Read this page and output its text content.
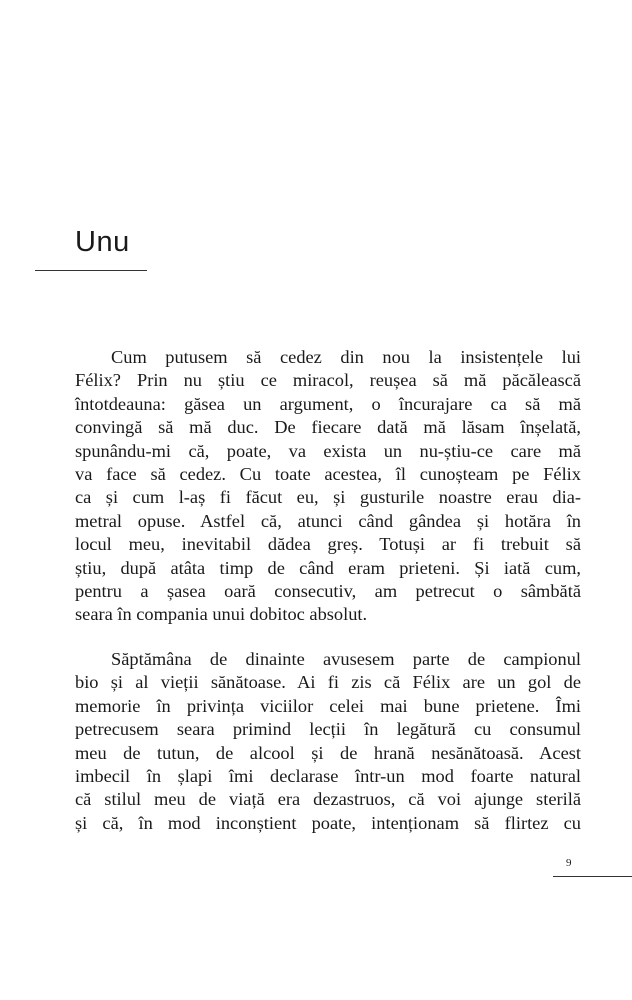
Unu

Cum putusem să cedez din nou la insistențele lui
Félix? Prin nu știu ce miracol, reușea să mă păcălească
întotdeauna: găsea un argument, o încurajare ca să mă
convingă să mă duc. De fiecare dată mă lăsam înșelată,
spunându-mi că, poate, va exista un nu-știu-ce care mă
va face să cedez. Cu toate acestea, îl cunoșteam pe Félix
ca și cum l-aș fi făcut eu, și gusturile noastre erau dia-
metral opuse. Astfel că, atunci când gândea și hotăra în
locul meu, inevitabil dădea greș. Totuși ar fi trebuit să
știu, după atâta timp de când eram prieteni. Și iată cum,
pentru a șasea oară consecutiv, am petrecut o sâmbătă
seara în compania unui dobitoc absolut.

Săptămâna de dinainte avusesem parte de campionul
bio și al vieții sănătoase. Ai fi zis că Félix are un gol de
memorie în privința viciilor celei mai bune prietene. Îmi
petrecusem seara primind lecții în legătură cu consumul
meu de tutun, de alcool și de hrană nesănătoasă. Acest
imbecil în șlapi îmi declarase într-un mod foarte natural
că stilul meu de viață era dezastruos, că voi ajunge sterilă
și că, în mod inconștient poate, intenționam să flirtez cu

9
